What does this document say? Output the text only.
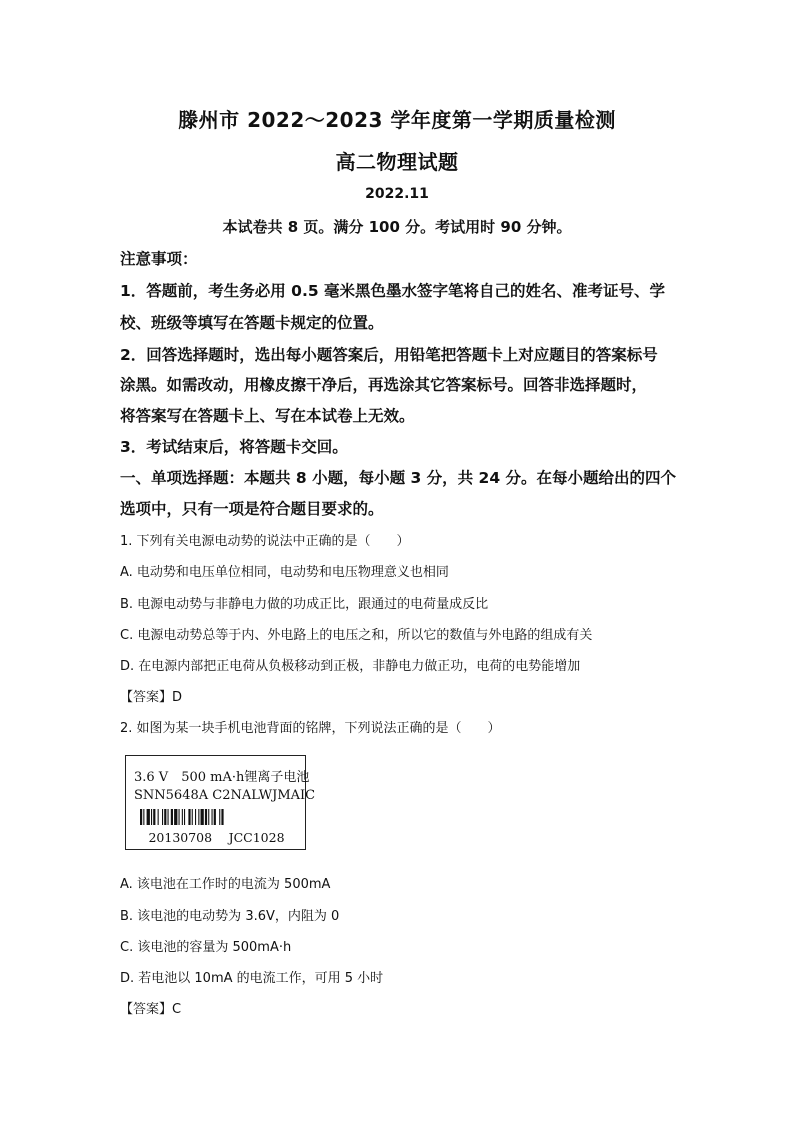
滕州市 2022～2023 学年度第一学期质量检测
高二物理试题
2022.11
本试卷共 8 页。满分 100 分。考试用时 90 分钟。
注意事项：
1．答题前，考生务必用 0.5 毫米黑色墨水签字笔将自己的姓名、准考证号、学
校、班级等填写在答题卡规定的位置。
2．回答选择题时，选出每小题答案后，用铅笔把答题卡上对应题目的答案标号
涂黑。如需改动，用橡皮擦干净后，再选涂其它答案标号。回答非选择题时，
将答案写在答题卡上、写在本试卷上无效。
3．考试结束后，将答题卡交回。
一、单项选择题：本题共 8 小题，每小题 3 分，共 24 分。在每小题给出的四个
选项中，只有一项是符合题目要求的。
1. 下列有关电源电动势的说法中正确的是（　　）
A. 电动势和电压单位相同，电动势和电压物理意义也相同
B. 电源电动势与非静电力做的功成正比，跟通过的电荷量成反比
C. 电源电动势总等于内、外电路上的电压之和，所以它的数值与外电路的组成有关
D. 在电源内部把正电荷从负极移动到正极，非静电力做正功，电荷的电势能增加
【答案】D
2. 如图为某一块手机电池背面的铭牌，下列说法正确的是（　　）
3.6 V　500 mA·h锂离子电池
SNN5648A C2NALWJMAIC
20130708　 JCC1028
A. 该电池在工作时的电流为 500mA
B. 该电池的电动势为 3.6V，内阻为 0
C. 该电池的容量为 500mA·h
D. 若电池以 10mA 的电流工作，可用 5 小时
【答案】C
